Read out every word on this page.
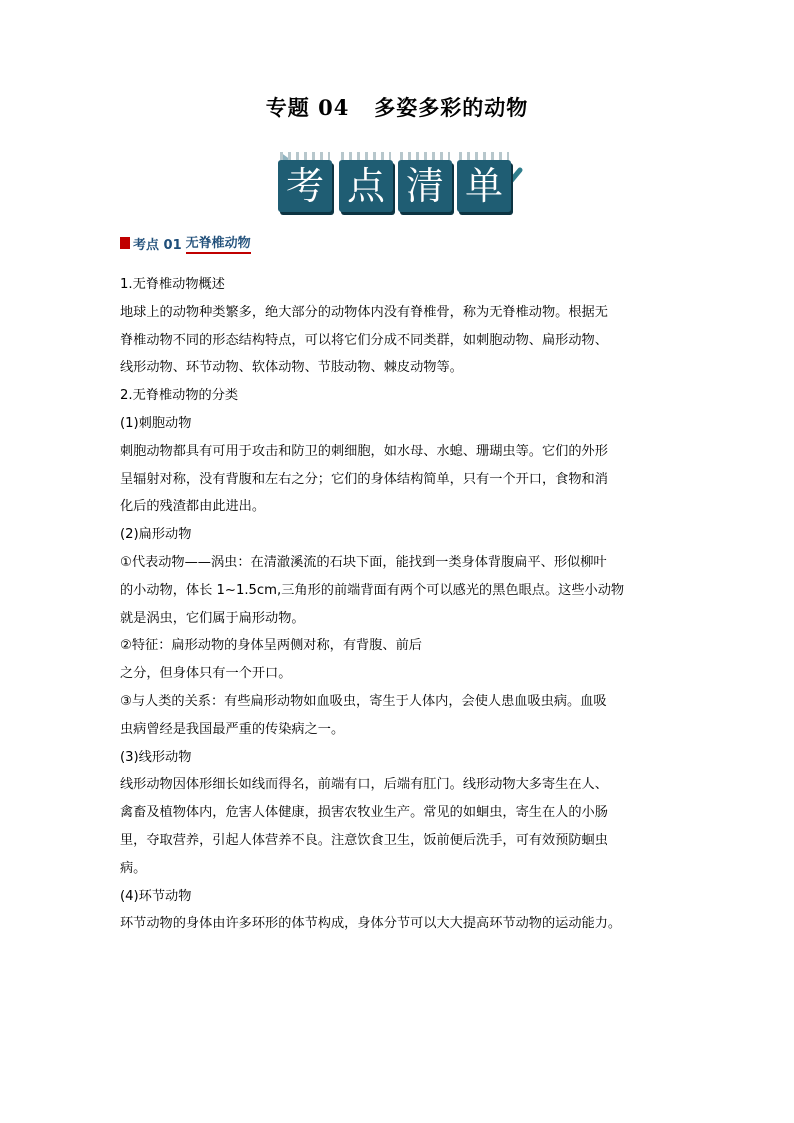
专题 04   多姿多彩的动物
考 点 清 单
考点 01 无脊椎动物

1.无脊椎动物概述

地球上的动物种类繁多，绝大部分的动物体内没有脊椎骨，称为无脊椎动物。根据无

脊椎动物不同的形态结构特点，可以将它们分成不同类群，如刺胞动物、扁形动物、

线形动物、环节动物、软体动物、节肢动物、棘皮动物等。

2.无脊椎动物的分类

(1)刺胞动物

刺胞动物都具有可用于攻击和防卫的刺细胞，如水母、水螅、珊瑚虫等。它们的外形

呈辐射对称，没有背腹和左右之分；它们的身体结构简单，只有一个开口，食物和消

化后的残渣都由此进出。

(2)扁形动物

①代表动物——涡虫：在清澈溪流的石块下面，能找到一类身体背腹扁平、形似柳叶

的小动物，体长 1~1.5cm,三角形的前端背面有两个可以感光的黑色眼点。这些小动物

就是涡虫，它们属于扁形动物。

②特征：扁形动物的身体呈两侧对称，有背腹、前后

之分，但身体只有一个开口。

③与人类的关系：有些扁形动物如血吸虫，寄生于人体内，会使人患血吸虫病。血吸

虫病曾经是我国最严重的传染病之一。

(3)线形动物

线形动物因体形细长如线而得名，前端有口，后端有肛门。线形动物大多寄生在人、

禽畜及植物体内，危害人体健康，损害农牧业生产。常见的如蛔虫，寄生在人的小肠

里，夺取营养，引起人体营养不良。注意饮食卫生，饭前便后洗手，可有效预防蛔虫

病。

(4)环节动物

环节动物的身体由许多环形的体节构成，身体分节可以大大提高环节动物的运动能力。
